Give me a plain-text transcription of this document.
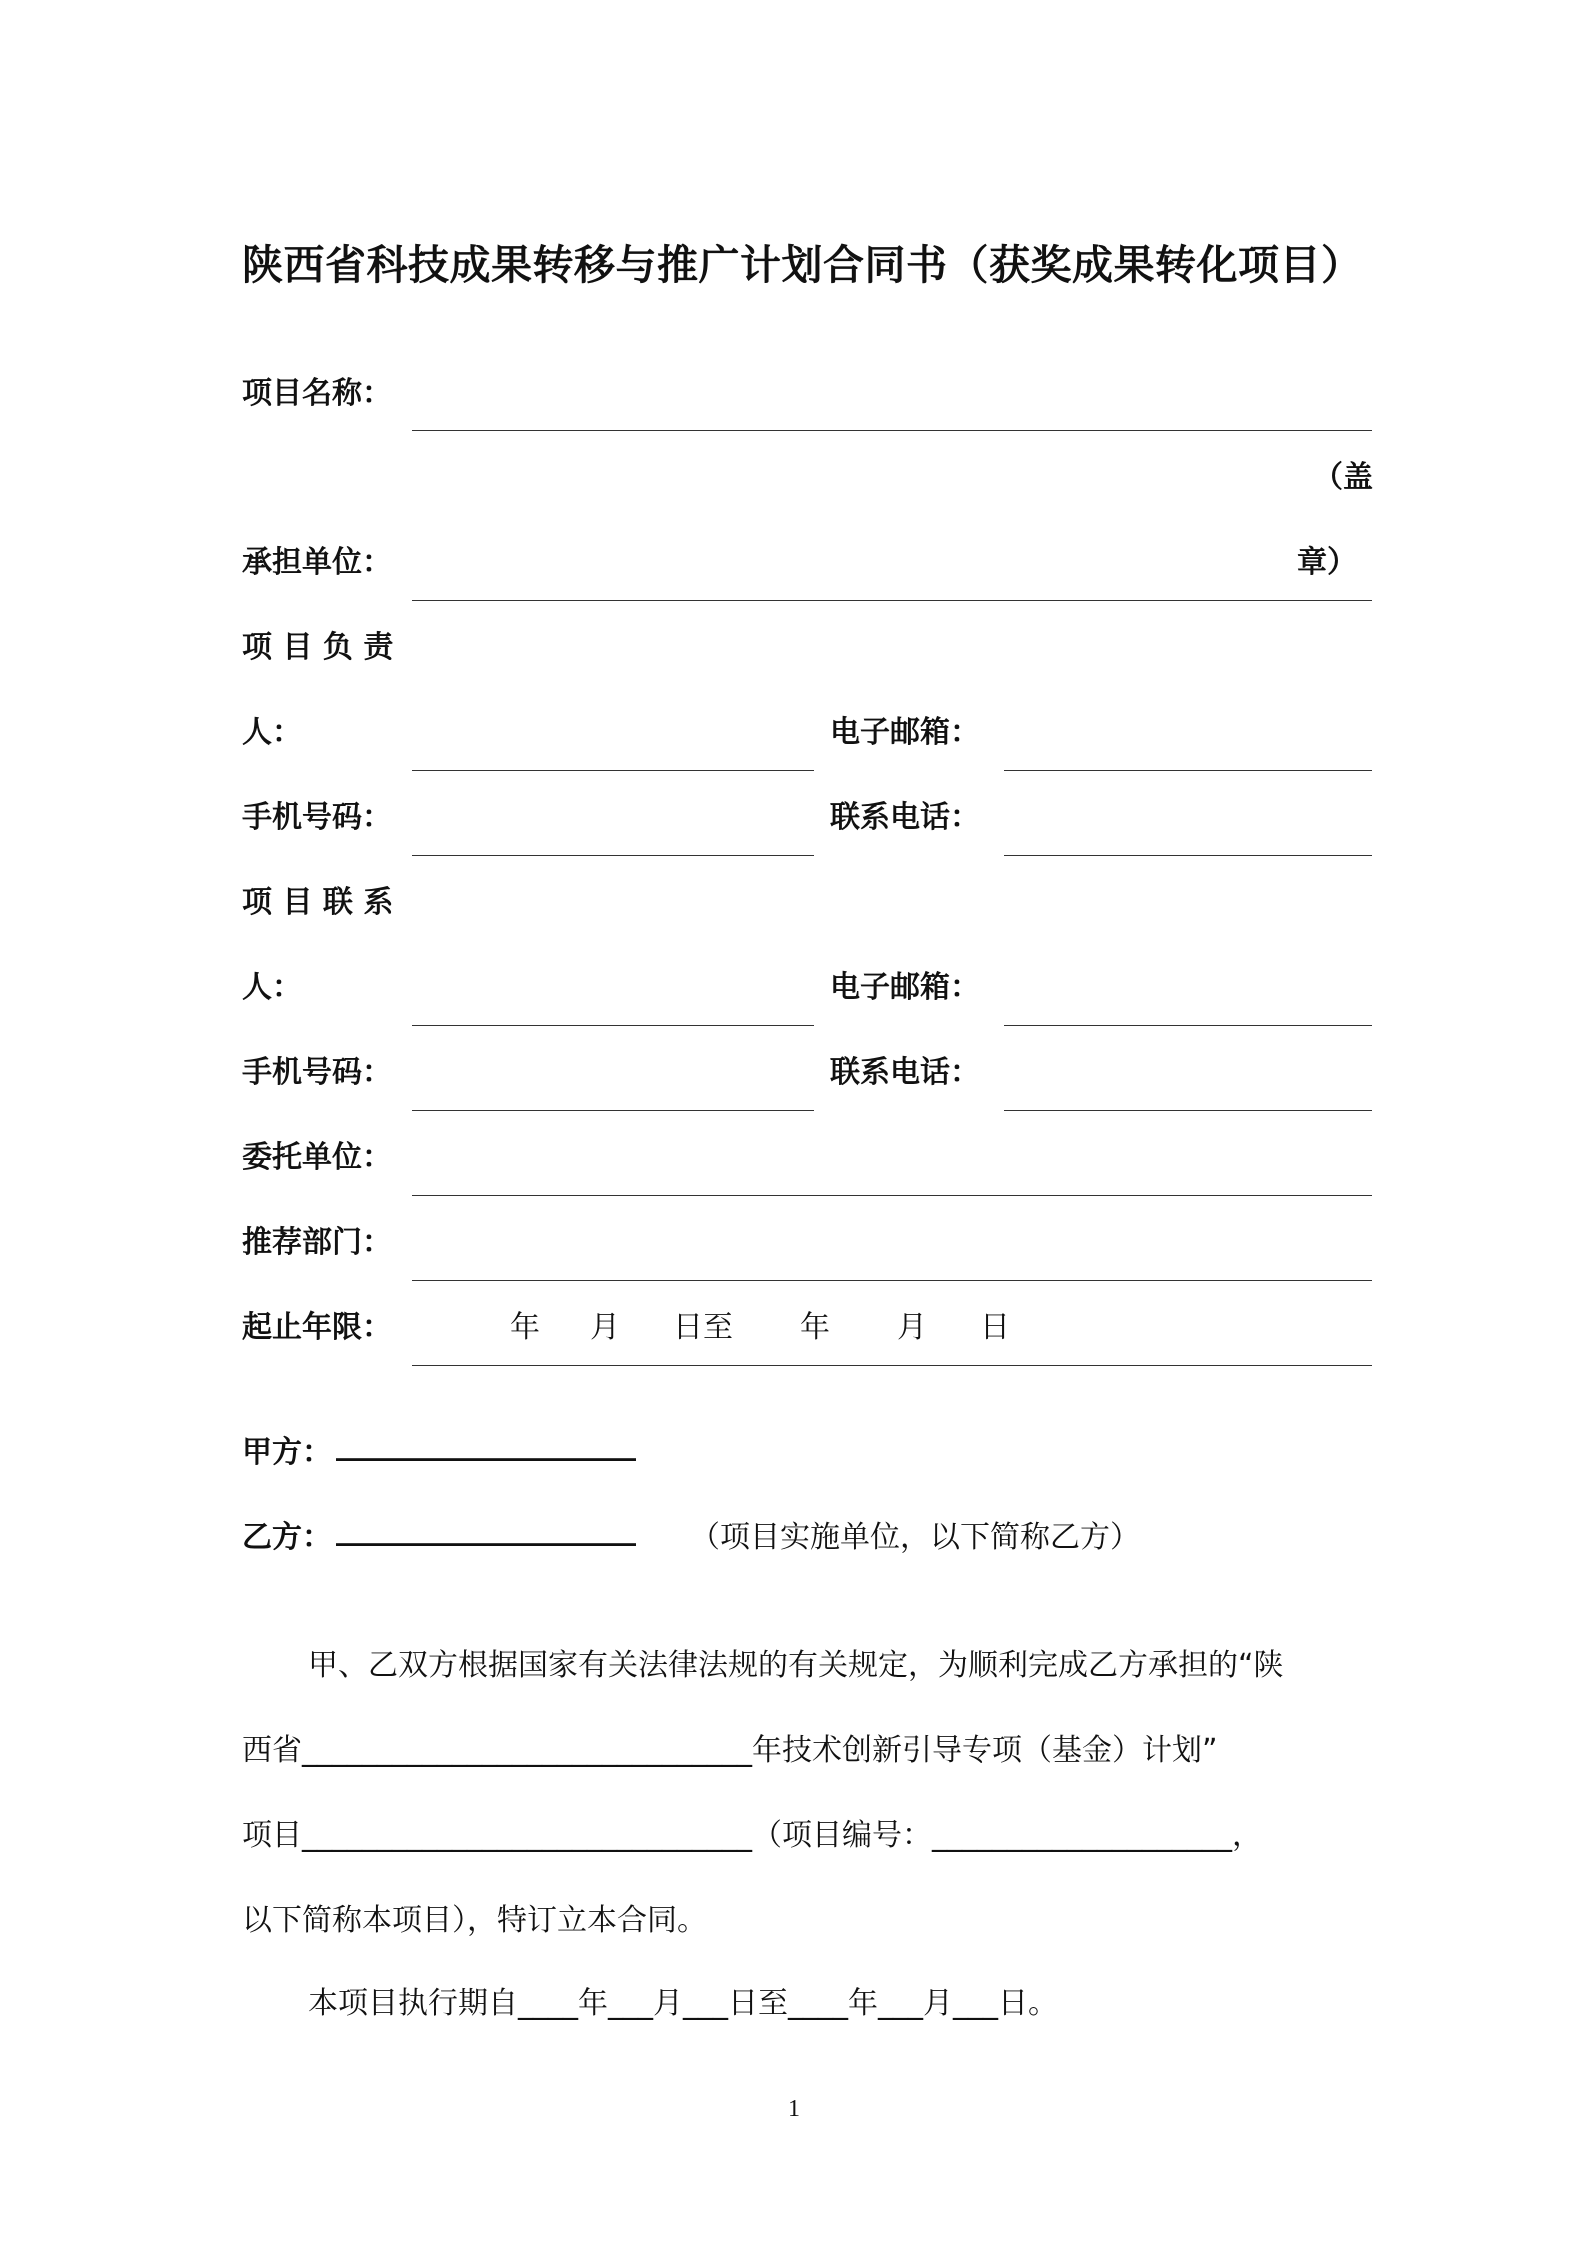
陕西省科技成果转移与推广计划合同书（获奖成果转化项目）
项目名称：
（盖
承担单位：	章）
项 目 负 责
人：	电子邮箱：
手机号码：	联系电话：
项 目 联 系
人：	电子邮箱：
手机号码：	联系电话：
委托单位：
推荐部门：
起止年限：	年 月 日至 年 月 日
甲方： ____________________
乙方： ____________________ （项目实施单位，以下简称乙方）
甲、乙双方根据国家有关法律法规的有关规定，为顺利完成乙方承担的“陕
西省______________________________年技术创新引导专项（基金）计划”
项目______________________________（项目编号：____________________，
以下简称本项目），特订立本合同。
本项目执行期自____年___月___日至____年___月___日。
1
